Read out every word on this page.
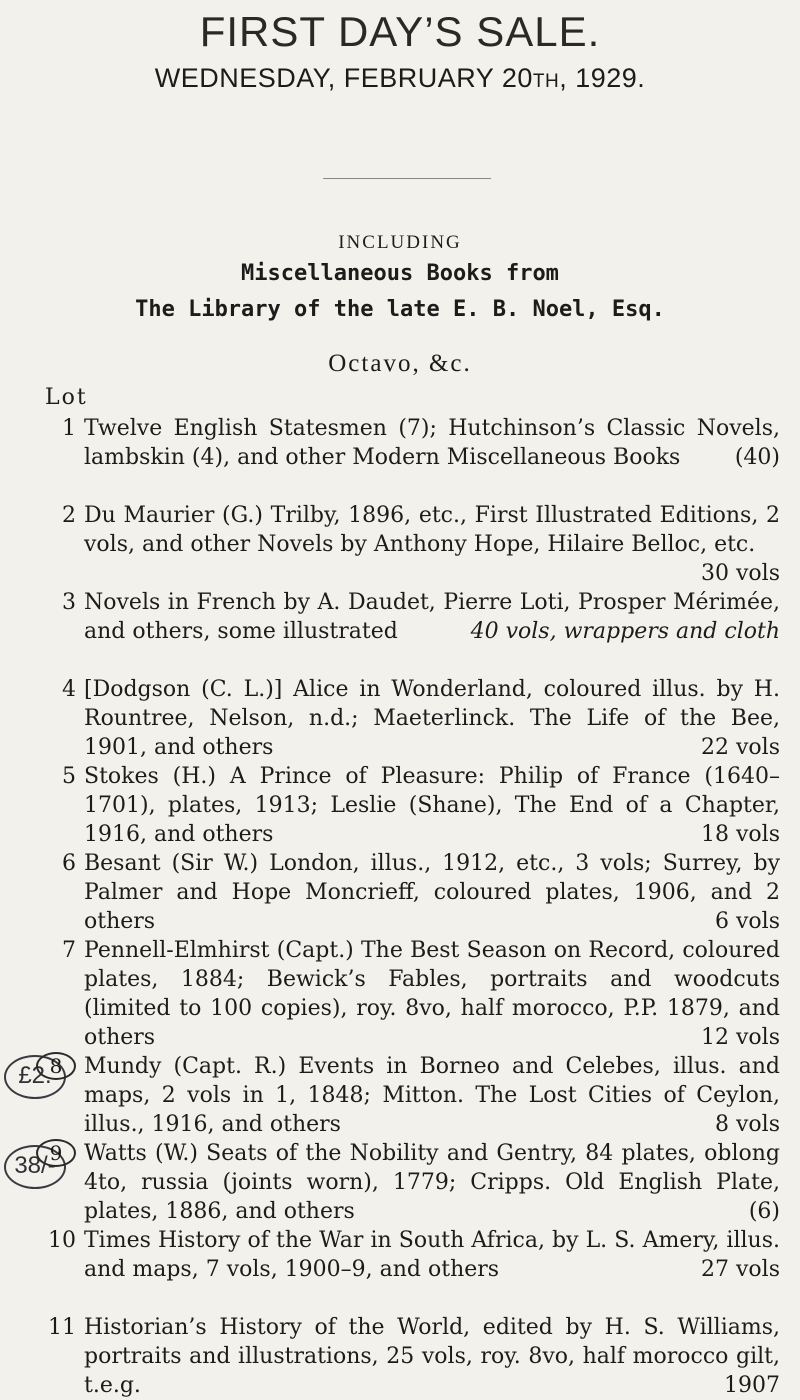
FIRST DAY’S SALE.
WEDNESDAY, FEBRUARY 20TH, 1929.
INCLUDING
Miscellaneous Books from
The Library of the late E. B. Noel, Esq.
Octavo, &c.
Lot
£2.
38/-
1 Twelve English Statesmen (7); Hutchinson’s Classic Novels, lambskin (4), and other Modern Miscellaneous Books	(40)
2 Du Maurier (G.) Trilby, 1896, etc., First Illustrated Editions, 2 vols, and other Novels by Anthony Hope, Hilaire Belloc, etc.
30 vols
3 Novels in French by A. Daudet, Pierre Loti, Prosper Mérimée, and others, some illustrated	40 vols, wrappers and cloth
4 [Dodgson (C. L.)] Alice in Wonderland, coloured illus. by H. Rountree, Nelson, n.d.; Maeterlinck. The Life of the Bee, 1901, and others	22 vols
5 Stokes (H.) A Prince of Pleasure: Philip of France (1640–1701), plates, 1913; Leslie (Shane), The End of a Chapter, 1916, and others	18 vols
6 Besant (Sir W.) London, illus., 1912, etc., 3 vols; Surrey, by Palmer and Hope Moncrieff, coloured plates, 1906, and 2 others	6 vols
7 Pennell-Elmhirst (Capt.) The Best Season on Record, coloured plates, 1884; Bewick’s Fables, portraits and woodcuts (limited to 100 copies), roy. 8vo, half morocco, P.P. 1879, and others	12 vols
8 Mundy (Capt. R.) Events in Borneo and Celebes, illus. and maps, 2 vols in 1, 1848; Mitton. The Lost Cities of Ceylon, illus., 1916, and others	8 vols
9 Watts (W.) Seats of the Nobility and Gentry, 84 plates, oblong 4to, russia (joints worn), 1779; Cripps. Old English Plate, plates, 1886, and others	(6)
10 Times History of the War in South Africa, by L. S. Amery, illus. and maps, 7 vols, 1900–9, and others	27 vols
11 Historian’s History of the World, edited by H. S. Williams, portraits and illustrations, 25 vols, roy. 8vo, half morocco gilt, t.e.g.	1907
